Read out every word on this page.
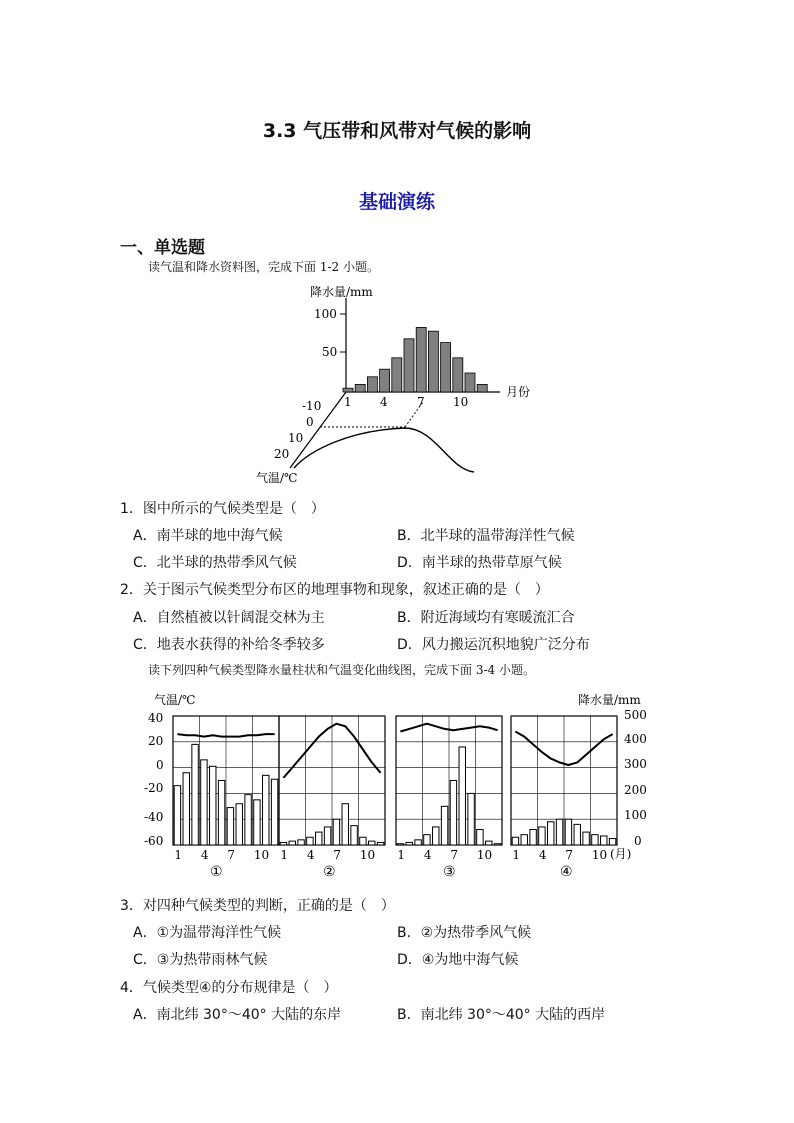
3.3 气压带和风带对气候的影响
基础演练
一、单选题
读气温和降水资料图，完成下面 1-2 小题。
降水量/mm
100
50
月份
1 4 7 10
-10
0
10
20
气温/℃
1．图中所示的气候类型是（　）
A．南半球的地中海气候	B．北半球的温带海洋性气候
C．北半球的热带季风气候	D．南半球的热带草原气候
2．关于图示气候类型分布区的地理事物和现象，叙述正确的是（　）
A．自然植被以针阔混交林为主	B．附近海域均有寒暖流汇合
C．地表水获得的补给冬季较多	D．风力搬运沉积地貌广泛分布
读下列四种气候类型降水量柱状和气温变化曲线图，完成下面 3-4 小题。
气温/℃	降水量/mm
40
20
0
-20
-40
-60
500
400
300
200
100
0
1 4 7 10 1 4 7 10 1 4 7 10 1 4 7 10 (月)
①	②	③	④
3．对四种气候类型的判断，正确的是（　）
A．①为温带海洋性气候	B．②为热带季风气候
C．③为热带雨林气候	D．④为地中海气候
4．气候类型④的分布规律是（　）
A．南北纬 30°～40° 大陆的东岸	B．南北纬 30°～40° 大陆的西岸
